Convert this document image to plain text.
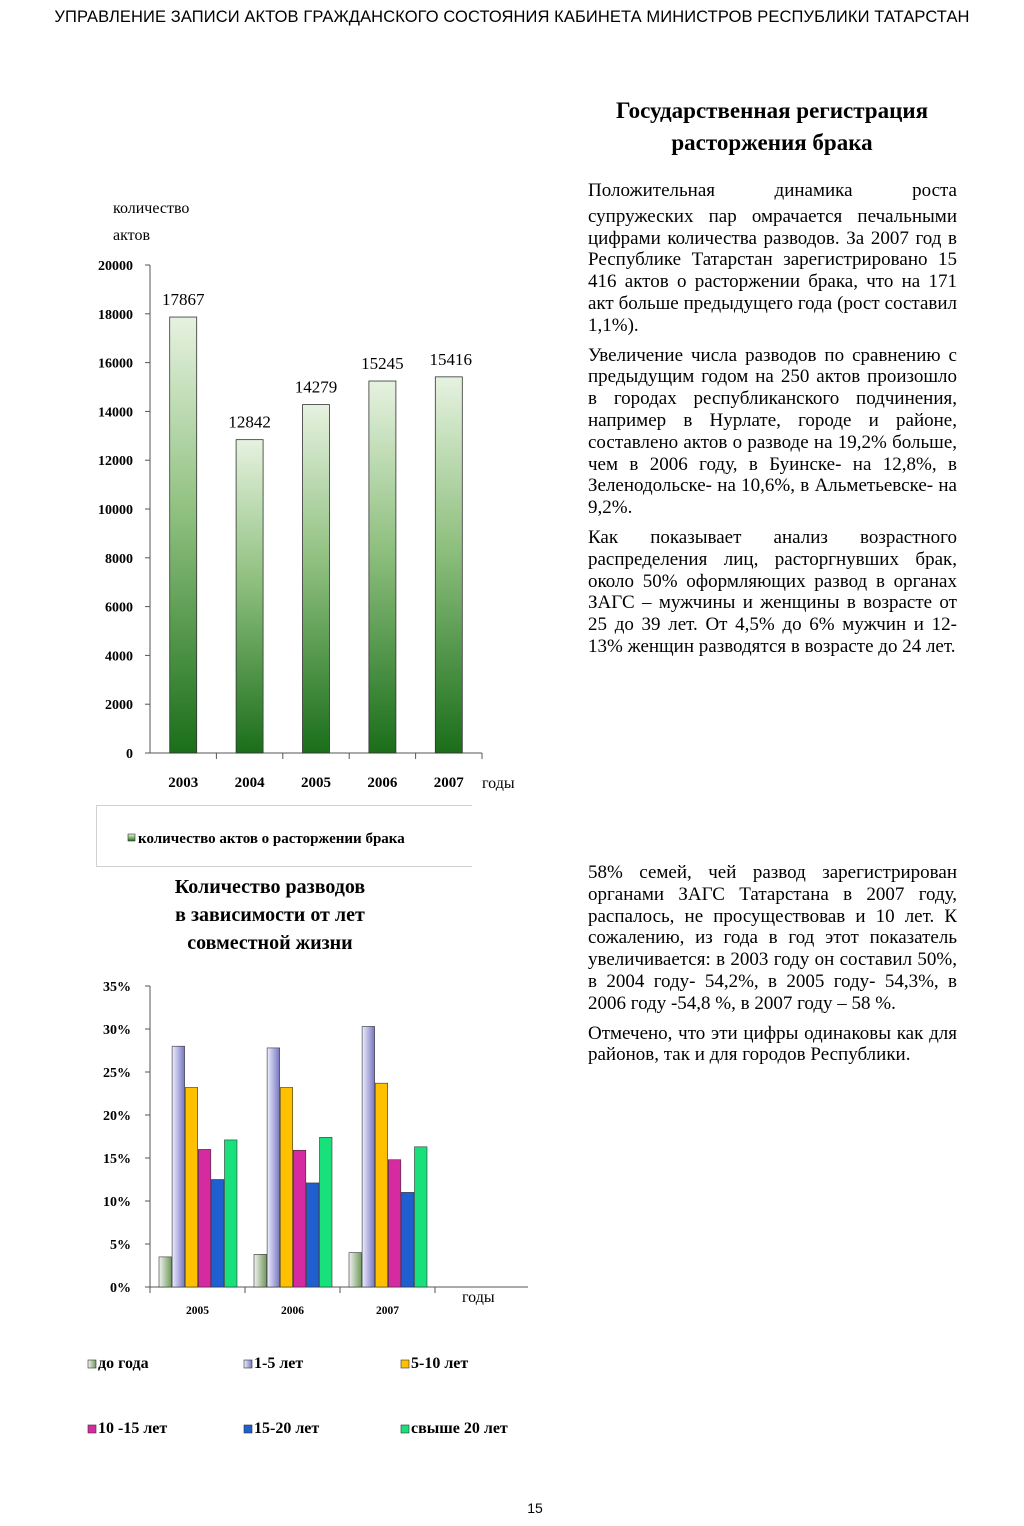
УПРАВЛЕНИЕ ЗАПИСИ АКТОВ ГРАЖДАНСКОГО СОСТОЯНИЯ КАБИНЕТА МИНИСТРОВ РЕСПУБЛИКИ ТАТАРСТАН
Государственная регистрация
расторжения брака

Положительная динамика роста

супружеских пар омрачается печальными цифрами количества разводов. За 2007 год в Республике Татарстан зарегистрировано 15 416 актов о расторжении брака, что на 171 акт больше предыдущего года (рост составил 1,1%).

Увеличение числа разводов по сравнению с предыдущим годом на 250 актов произошло в городах республиканского подчинения, например в Нурлате, городе и районе, составлено актов о разводе на 19,2% больше, чем в 2006 году, в Буинске- на 12,8%, в Зеленодольске- на 10,6%, в Альметьевске- на 9,2%.

Как показывает анализ возрастного распределения лиц, расторгнувших брак, около 50% оформляющих развод в органах ЗАГС – мужчины и женщины в возрасте от 25 до 39 лет. От 4,5% до 6% мужчин и 12-13% женщин разводятся в возрасте до 24 лет.

58% семей, чей развод зарегистрирован органами ЗАГС Татарстана в 2007 году, распалось, не просуществовав и 10 лет. К сожалению, из года в год этот показатель увеличивается: в 2003 году он составил 50%, в 2004 году- 54,2%, в 2005 году- 54,3%, в 2006 году -54,8 %, в 2007 году – 58 %.

Отмечено, что эти цифры одинаковы как для районов, так и для городов Республики.

количество
актов
0
2000
4000
6000
8000
10000
12000
14000
16000
18000
20000
2003 2004 2005 2006 2007
17867
12842
14279
15245 15416
годы
количество актов о расторжении брака
Количество разводов
в зависимости от лет
совместной жизни
0%
5%
10%
15%
20%
25%
30%
35%
2005	2006	2007
годы
до года	1-5 лет	5-10 лет
10 -15 лет	15-20 лет	свыше 20 лет
15
